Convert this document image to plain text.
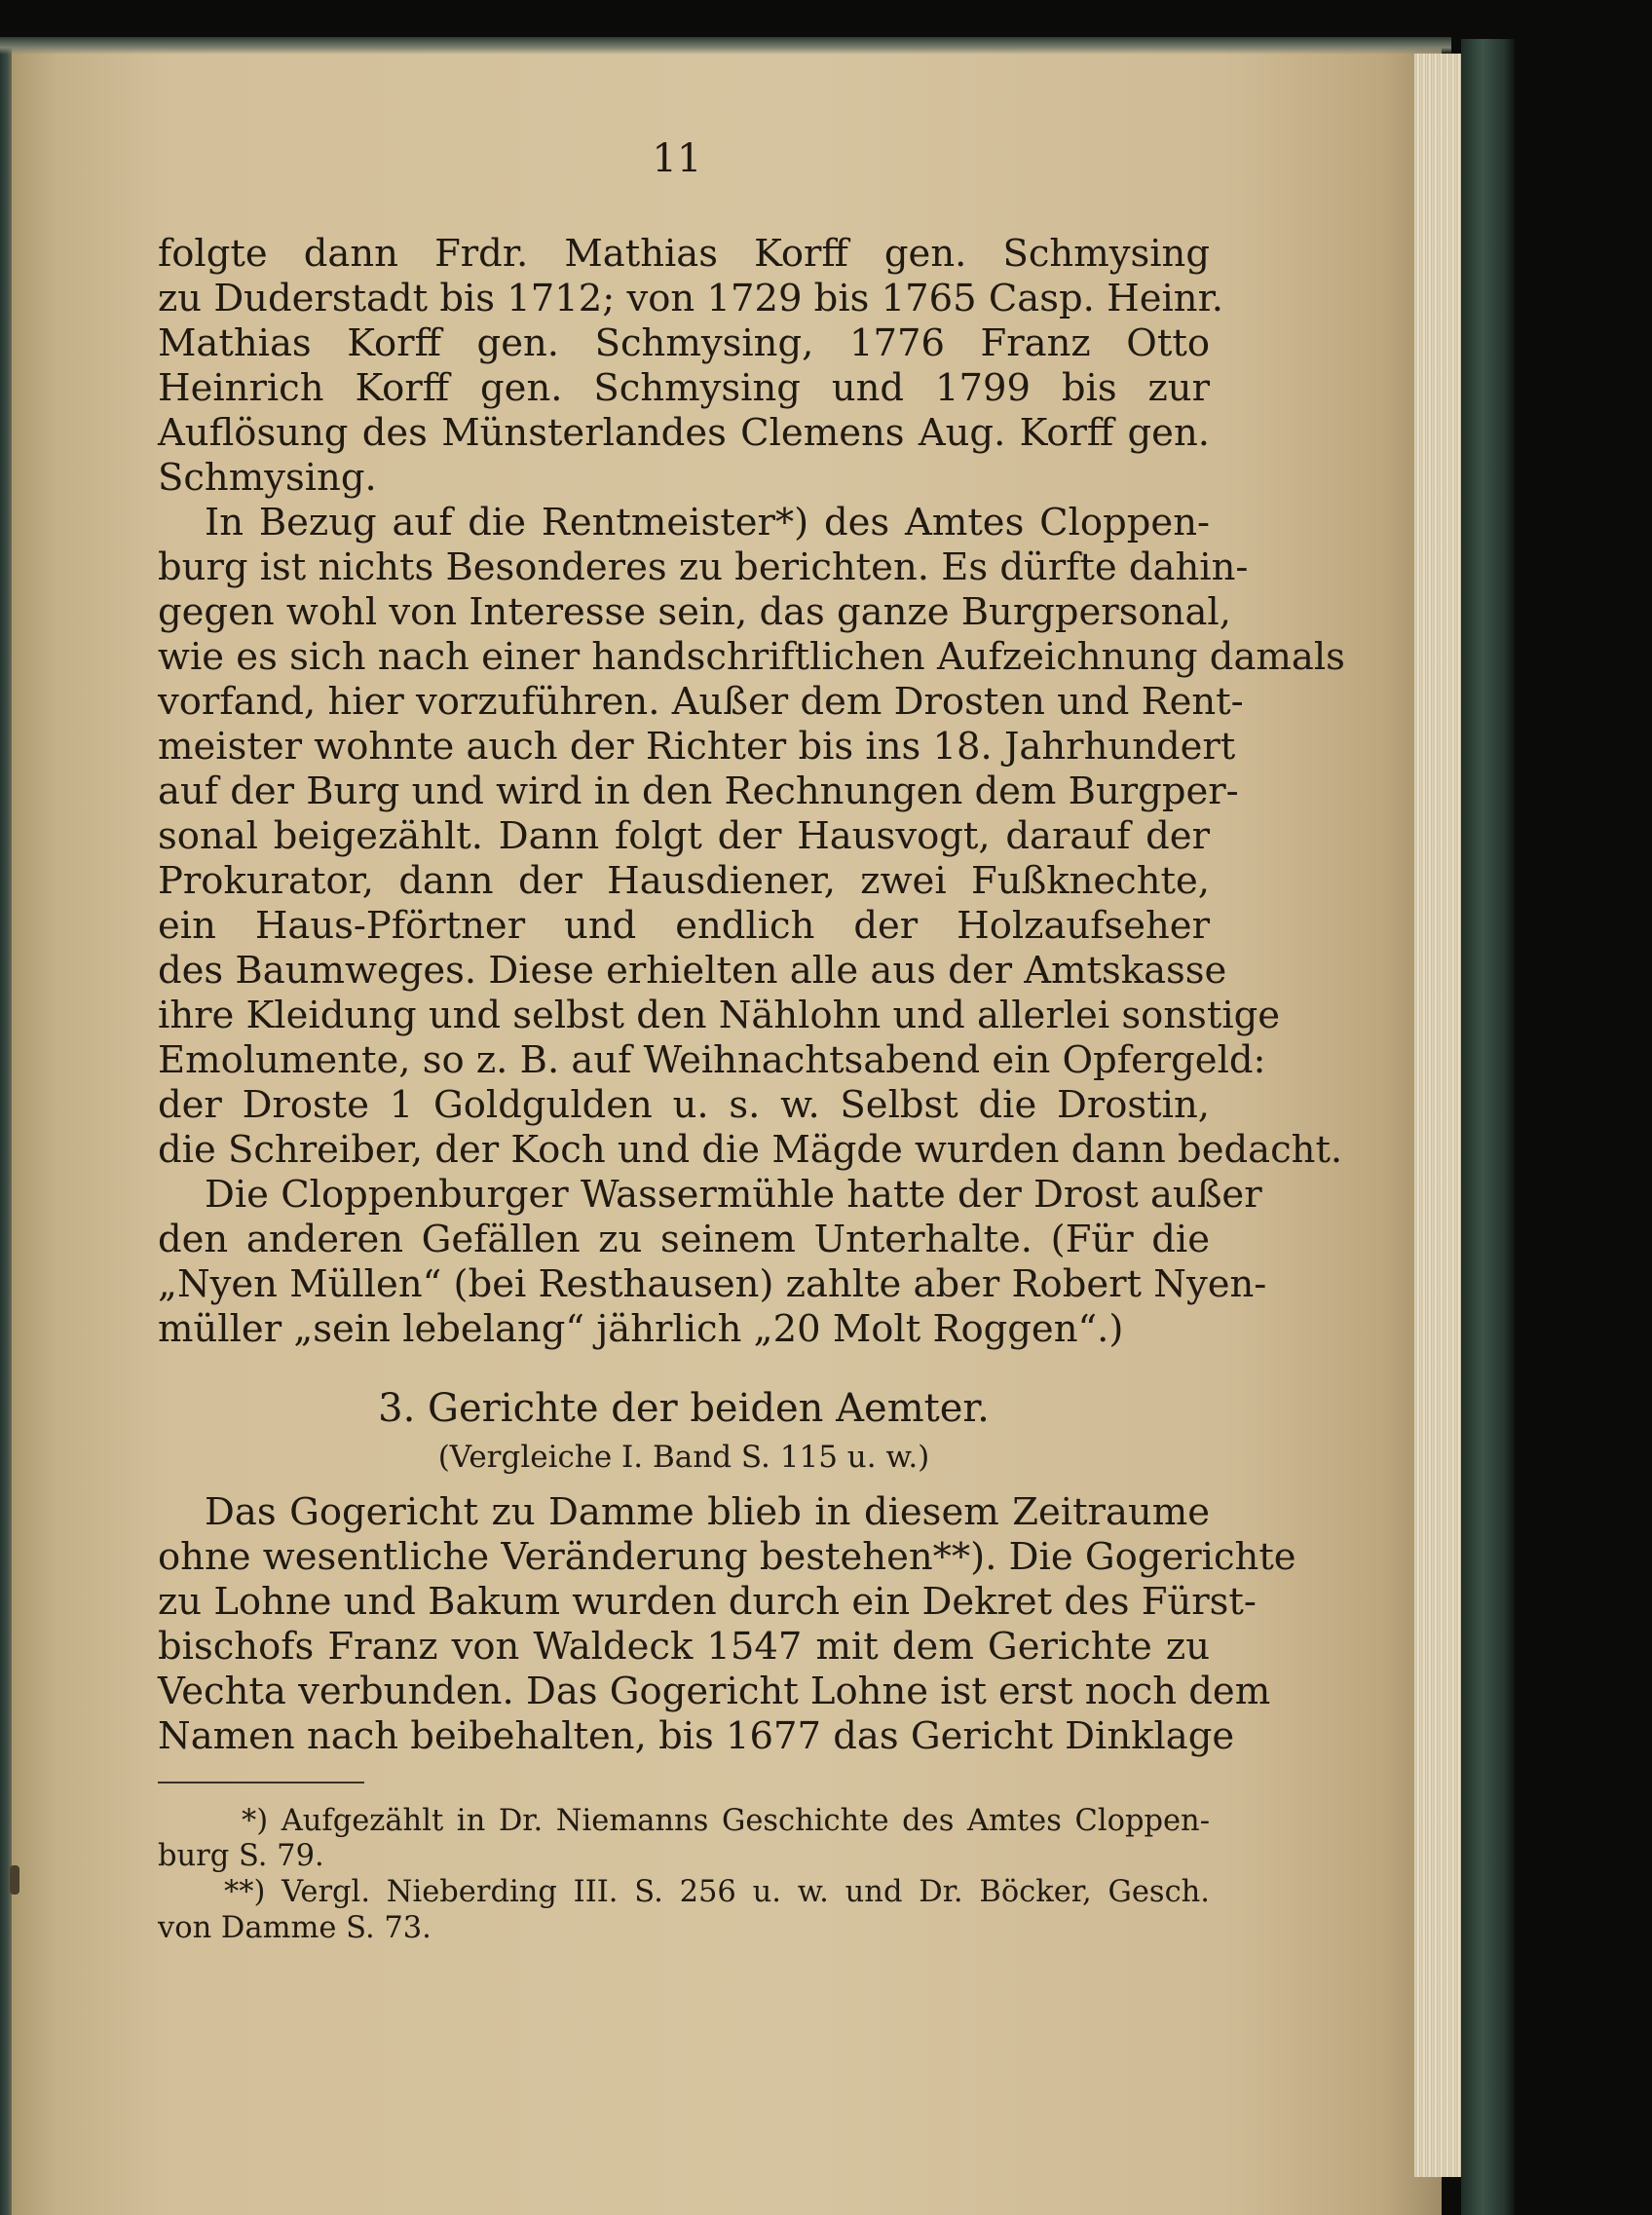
11
folgte dann Frdr. Mathias Korff gen. Schmysing
zu Duderstadt bis 1712; von 1729 bis 1765 Casp. Heinr.
Mathias Korff gen. Schmysing, 1776 Franz Otto
Heinrich Korff gen. Schmysing und 1799 bis zur
Auflösung des Münsterlandes Clemens Aug. Korff gen.
Schmysing.
In Bezug auf die Rentmeister*) des Amtes Cloppen-
burg ist nichts Besonderes zu berichten. Es dürfte dahin-
gegen wohl von Interesse sein, das ganze Burgpersonal,
wie es sich nach einer handschriftlichen Aufzeichnung damals
vorfand, hier vorzuführen. Außer dem Drosten und Rent-
meister wohnte auch der Richter bis ins 18. Jahrhundert
auf der Burg und wird in den Rechnungen dem Burgper-
sonal beigezählt. Dann folgt der Hausvogt, darauf der
Prokurator, dann der Hausdiener, zwei Fußknechte,
ein Haus-Pförtner und endlich der Holzaufseher
des Baumweges. Diese erhielten alle aus der Amtskasse
ihre Kleidung und selbst den Nählohn und allerlei sonstige
Emolumente, so z. B. auf Weihnachtsabend ein Opfergeld:
der Droste 1 Goldgulden u. s. w. Selbst die Drostin,
die Schreiber, der Koch und die Mägde wurden dann bedacht.
Die Cloppenburger Wassermühle hatte der Drost außer
den anderen Gefällen zu seinem Unterhalte. (Für die
„Nyen Müllen“ (bei Resthausen) zahlte aber Robert Nyen-
müller „sein lebelang“ jährlich „20 Molt Roggen“.)
3. Gerichte der beiden Aemter.
(Vergleiche I. Band S. 115 u. w.)
Das Gogericht zu Damme blieb in diesem Zeitraume
ohne wesentliche Veränderung bestehen**). Die Gogerichte
zu Lohne und Bakum wurden durch ein Dekret des Fürst-
bischofs Franz von Waldeck 1547 mit dem Gerichte zu
Vechta verbunden. Das Gogericht Lohne ist erst noch dem
Namen nach beibehalten, bis 1677 das Gericht Dinklage
*) Aufgezählt in Dr. Niemanns Geschichte des Amtes Cloppen-
burg S. 79.
**) Vergl. Nieberding III. S. 256 u. w. und Dr. Böcker, Gesch.
von Damme S. 73.
